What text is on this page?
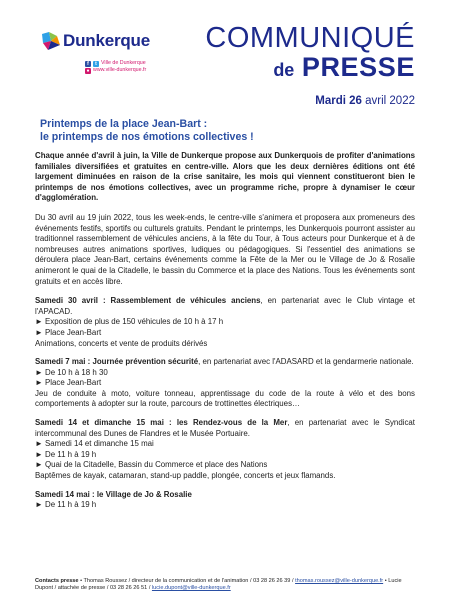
Dunkerque
f	t Ville de Dunkerque
● www.ville-dunkerque.fr
COMMUNIQUÉ
de PRESSE
Mardi 26 avril 2022
Printemps de la place Jean-Bart :
le printemps de nos émotions collectives !

Chaque année d'avril à juin, la Ville de Dunkerque propose aux Dunkerquois de profiter d'animations familiales diversifiées et gratuites en centre-ville. Alors que les deux dernières éditions ont été largement diminuées en raison de la crise sanitaire, les mois qui viennent constitueront bien le printemps de nos émotions collectives, avec un programme riche, propre à dynamiser le cœur d'agglomération.

Du 30 avril au 19 juin 2022, tous les week-ends, le centre-ville s'animera et proposera aux promeneurs des événements festifs, sportifs ou culturels gratuits. Pendant le printemps, les Dunkerquois pourront assister au traditionnel rassemblement de véhicules anciens, à la fête du Tour, à Tous acteurs pour Dunkerque et à de nombreuses autres animations sportives, ludiques ou pédagogiques. Si l'essentiel des animations se déroulera place Jean-Bart, certains événements comme la Fête de la Mer ou le Village de Jo & Rosalie animeront le quai de la Citadelle, le bassin du Commerce et la place des Nations. Tous les événements sont gratuits et en accès libre.

Samedi 30 avril : Rassemblement de véhicules anciens, en partenariat avec le Club vintage et l'APACAD.
► Exposition de plus de 150 véhicules de 10 h à 17 h
► Place Jean-Bart
Animations, concerts et vente de produits dérivés
Samedi 7 mai : Journée prévention sécurité, en partenariat avec l'ADASARD et la gendarmerie nationale.
► De 10 h à 18 h 30
► Place Jean-Bart
Jeu de conduite à moto, voiture tonneau, apprentissage du code de la route à vélo et des bons comportements à adopter sur la route, parcours de trottinettes électriques…
Samedi 14 et dimanche 15 mai : les Rendez-vous de la Mer, en partenariat avec le Syndicat intercommunal des Dunes de Flandres et le Musée Portuaire.
► Samedi 14 et dimanche 15 mai
► De 11 h à 19 h
► Quai de la Citadelle, Bassin du Commerce et place des Nations
Baptêmes de kayak, catamaran, stand-up paddle, plongée, concerts et jeux flamands.
Samedi 14 mai : le Village de Jo & Rosalie
► De 11 h à 19 h
Contacts presse • Thomas Roussez / directeur de la communication et de l'animation / 03 28 26 26 39 / thomas.roussez@ville-dunkerque.fr • Lucie Dupont / attachée de presse / 03 28 26 26 51 / lucie.dupont@ville-dunkerque.fr
